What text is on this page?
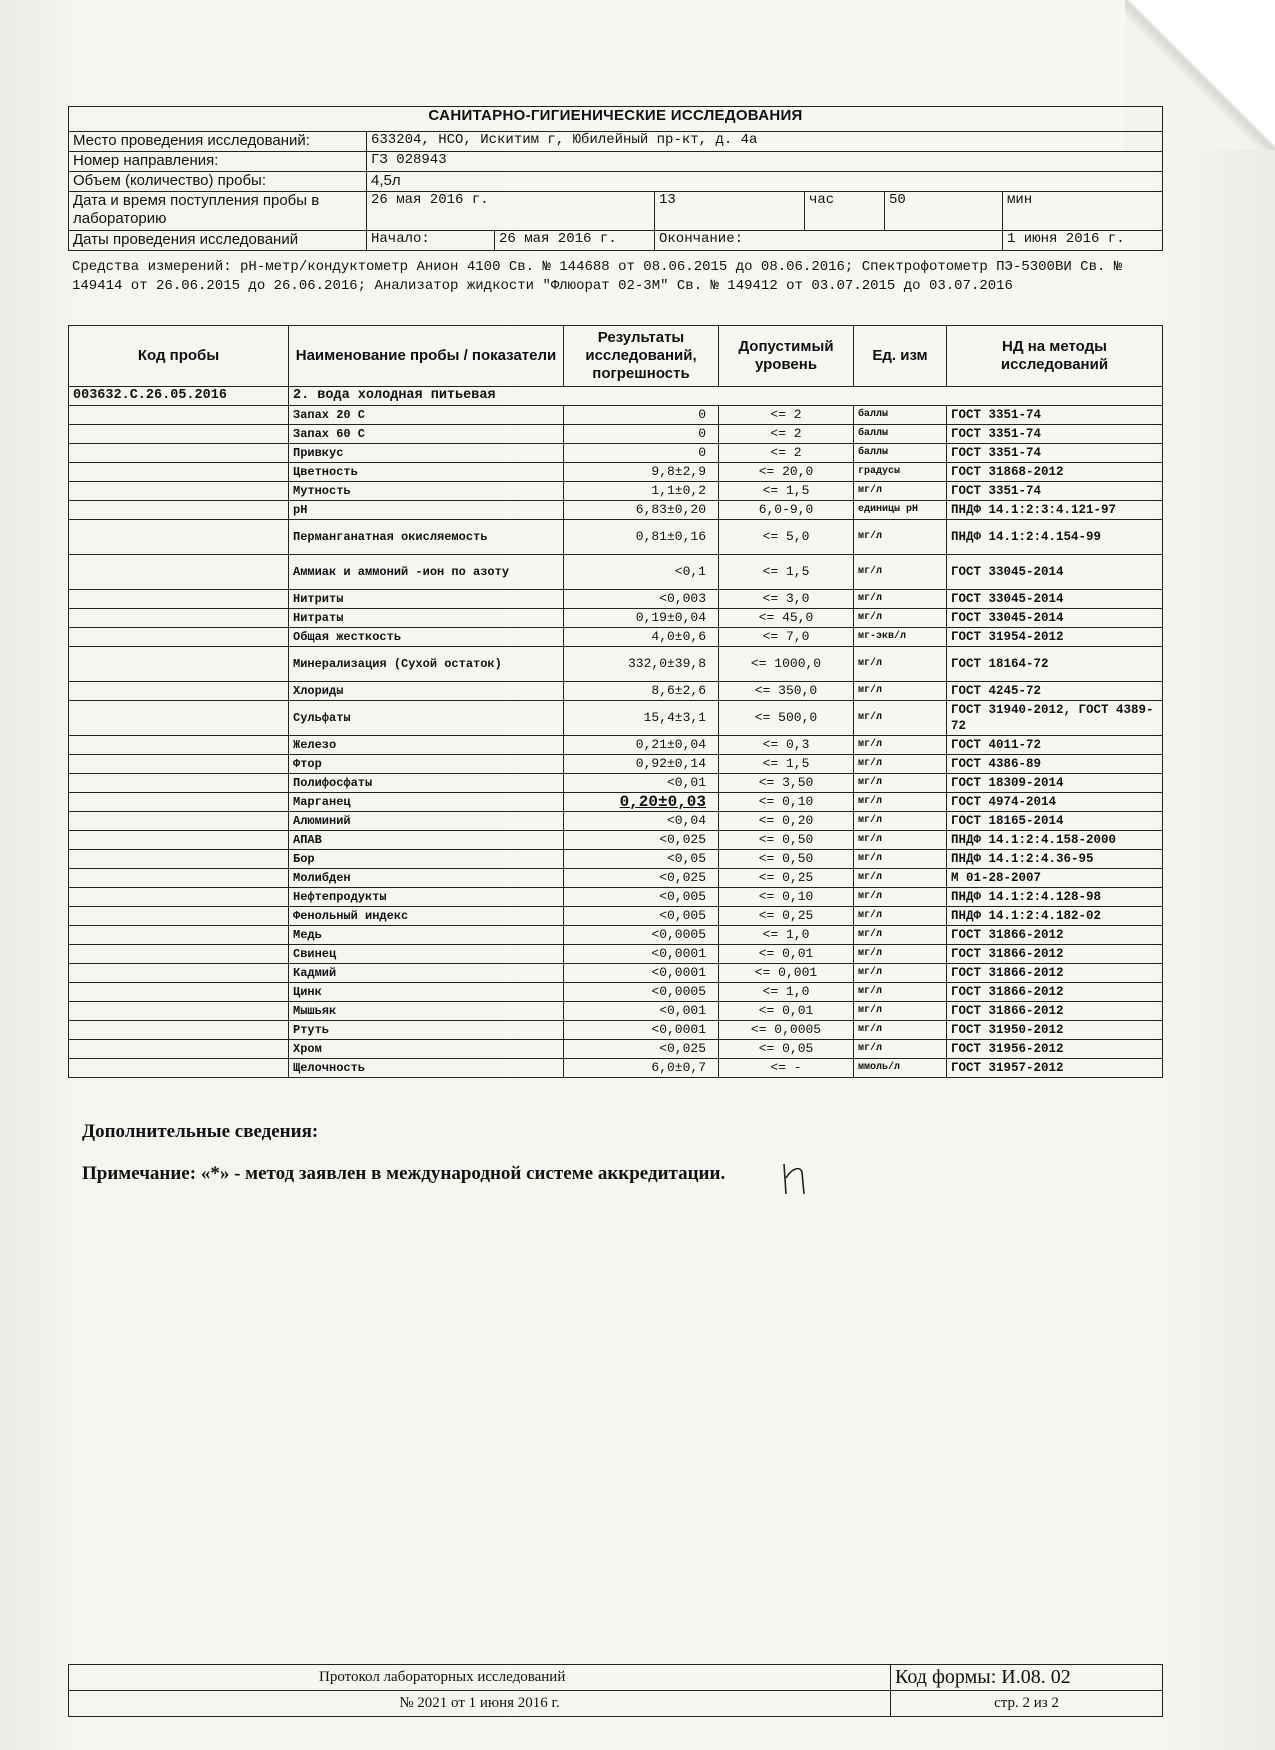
САНИТАРНО-ГИГИЕНИЧЕСКИЕ ИССЛЕДОВАНИЯ						
Место проведения исследований:	633204, НСО, Искитим г, Юбилейный пр-кт, д. 4а					
Номер направления:	ГЗ 028943					
Объем (количество) пробы:	4,5л					
Дата и время поступления пробы в лабораторию	26 мая 2016 г.		13	час	50	мин
Даты проведения исследований	Начало:	26 мая 2016 г.	Окончание:			1 июня 2016 г.

Средства измерений: рН-метр/кондуктометр Анион 4100 Св. № 144688 от 08.06.2015 до 08.06.2016; Спектрофотометр ПЭ-5300ВИ Св. № 149414 от 26.06.2015 до 26.06.2016; Анализатор жидкости "Флюорат 02-3М" Св. № 149412 от 03.07.2015 до 03.07.2016

Код пробы	Наименование пробы / показатели	Результаты исследований, погрешность	Допустимый уровень	Ед. изм	НД на методы исследований
003632.С.26.05.2016	2. вода холодная питьевая				
	Запах 20 С	0	<= 2	баллы	ГОСТ 3351-74
	Запах 60 С	0	<= 2	баллы	ГОСТ 3351-74
	Привкус	0	<= 2	баллы	ГОСТ 3351-74
	Цветность	9,8±2,9	<= 20,0	градусы	ГОСТ 31868-2012
	Мутность	1,1±0,2	<= 1,5	мг/л	ГОСТ 3351-74
	pH	6,83±0,20	6,0-9,0	единицы pH	ПНДФ 14.1:2:3:4.121-97
	Перманганатная окисляемость	0,81±0,16	<= 5,0	мг/л	ПНДФ 14.1:2:4.154-99
	Аммиак и аммоний -ион по азоту	<0,1	<= 1,5	мг/л	ГОСТ 33045-2014
	Нитриты	<0,003	<= 3,0	мг/л	ГОСТ 33045-2014
	Нитраты	0,19±0,04	<= 45,0	мг/л	ГОСТ 33045-2014
	Общая жесткость	4,0±0,6	<= 7,0	мг-экв/л	ГОСТ 31954-2012
	Минерализация (Сухой остаток)	332,0±39,8	<= 1000,0	мг/л	ГОСТ 18164-72
	Хлориды	8,6±2,6	<= 350,0	мг/л	ГОСТ 4245-72
	Сульфаты	15,4±3,1	<= 500,0	мг/л	ГОСТ 31940-2012, ГОСТ 4389-72
	Железо	0,21±0,04	<= 0,3	мг/л	ГОСТ 4011-72
	Фтор	0,92±0,14	<= 1,5	мг/л	ГОСТ 4386-89
	Полифосфаты	<0,01	<= 3,50	мг/л	ГОСТ 18309-2014
	Марганец	0,20±0,03	<= 0,10	мг/л	ГОСТ 4974-2014
	Алюминий	<0,04	<= 0,20	мг/л	ГОСТ 18165-2014
	АПАВ	<0,025	<= 0,50	мг/л	ПНДФ 14.1:2:4.158-2000
	Бор	<0,05	<= 0,50	мг/л	ПНДФ 14.1:2:4.36-95
	Молибден	<0,025	<= 0,25	мг/л	М 01-28-2007
	Нефтепродукты	<0,005	<= 0,10	мг/л	ПНДФ 14.1:2:4.128-98
	Фенольный индекс	<0,005	<= 0,25	мг/л	ПНДФ 14.1:2:4.182-02
	Медь	<0,0005	<= 1,0	мг/л	ГОСТ 31866-2012
	Свинец	<0,0001	<= 0,01	мг/л	ГОСТ 31866-2012
	Кадмий	<0,0001	<= 0,001	мг/л	ГОСТ 31866-2012
	Цинк	<0,0005	<= 1,0	мг/л	ГОСТ 31866-2012
	Мышьяк	<0,001	<= 0,01	мг/л	ГОСТ 31866-2012
	Ртуть	<0,0001	<= 0,0005	мг/л	ГОСТ 31950-2012
	Хром	<0,025	<= 0,05	мг/л	ГОСТ 31956-2012
	Щелочность	6,0±0,7	<= -	ммоль/л	ГОСТ 31957-2012
Дополнительные сведения:
Примечание: «*» - метод заявлен в международной системе аккредитации.
Протокол лабораторных исследований	Код формы: И.08. 02
№ 2021 от 1 июня 2016 г.	стр. 2 из 2
